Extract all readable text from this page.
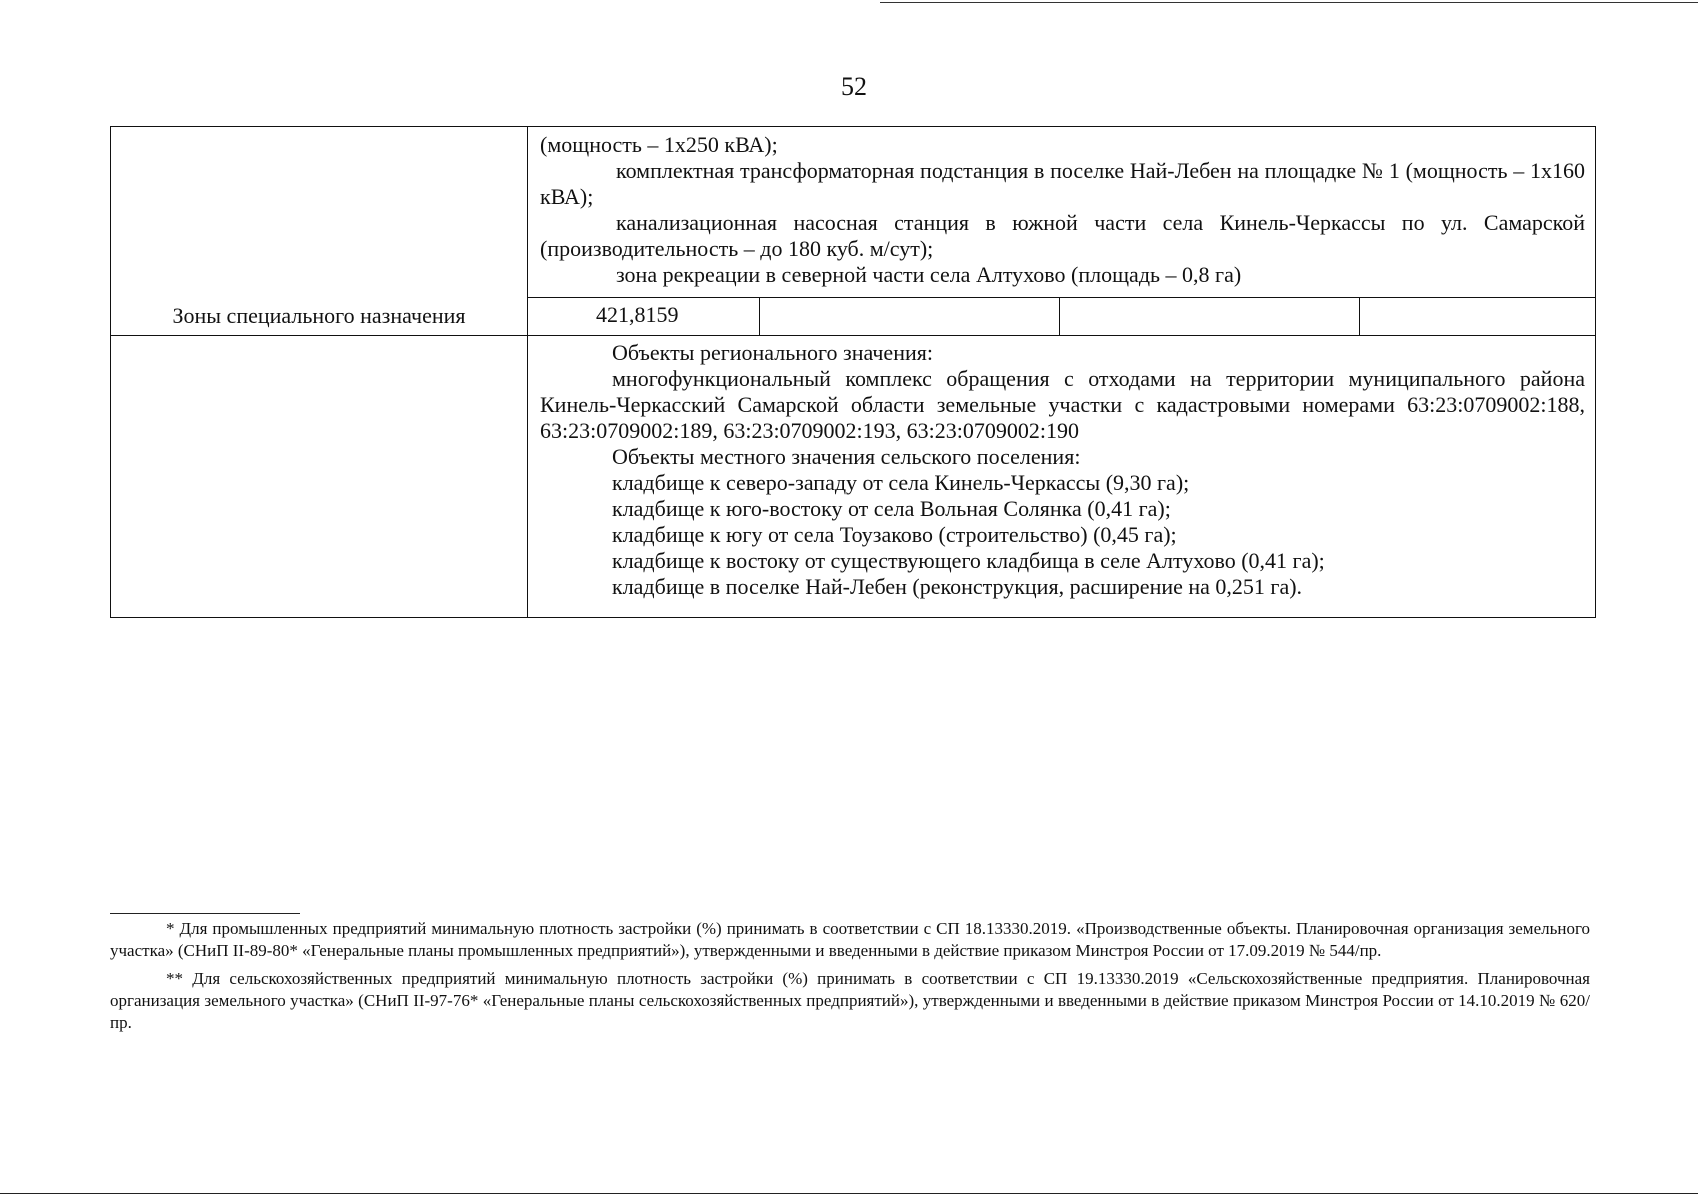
52

(мощность – 1х250 кВА);

комплектная трансформаторная подстанция в поселке Най-Лебен на площадке № 1 (мощность – 1х160 кВА);

канализационная насосная станция в южной части села Кинель-Черкассы по ул. Самарской (производительность – до 180 куб. м/сут);

зона рекреации в северной части села Алтухово (площадь – 0,8 га)

Зоны специального назначения	421,8159

Объекты регионального значения:

многофункциональный комплекс обращения с отходами на территории муниципального района Кинель-Черкасский Самарской области земельные участки с кадастровыми номерами 63:23:0709002:188, 63:23:0709002:189, 63:23:0709002:193, 63:23:0709002:190

Объекты местного значения сельского поселения:

кладбище к северо-западу от села Кинель-Черкассы (9,30 га);

кладбище к юго-востоку от села Вольная Солянка (0,41 га);

кладбище к югу от села Тоузаково (строительство) (0,45 га);

кладбище к востоку от существующего кладбища в селе Алтухово (0,41 га);

кладбище в поселке Най-Лебен (реконструкция, расширение на 0,251 га).

* Для промышленных предприятий минимальную плотность застройки (%) принимать в соответствии с СП 18.13330.2019. «Производственные объекты. Планировочная организация земельного участка» (СНиП II-89-80* «Генеральные планы промышленных предприятий»), утвержденными и введенными в действие приказом Минстроя России от 17.09.2019 № 544/пр.

** Для сельскохозяйственных предприятий минимальную плотность застройки (%) принимать в соответствии с СП 19.13330.2019 «Сельскохозяйственные предприятия. Планировочная организация земельного участка» (СНиП II-97-76* «Генеральные планы сельскохозяйственных предприятий»), утвержденными и введенными в действие приказом Минстроя России от 14.10.2019 № 620/пр.
